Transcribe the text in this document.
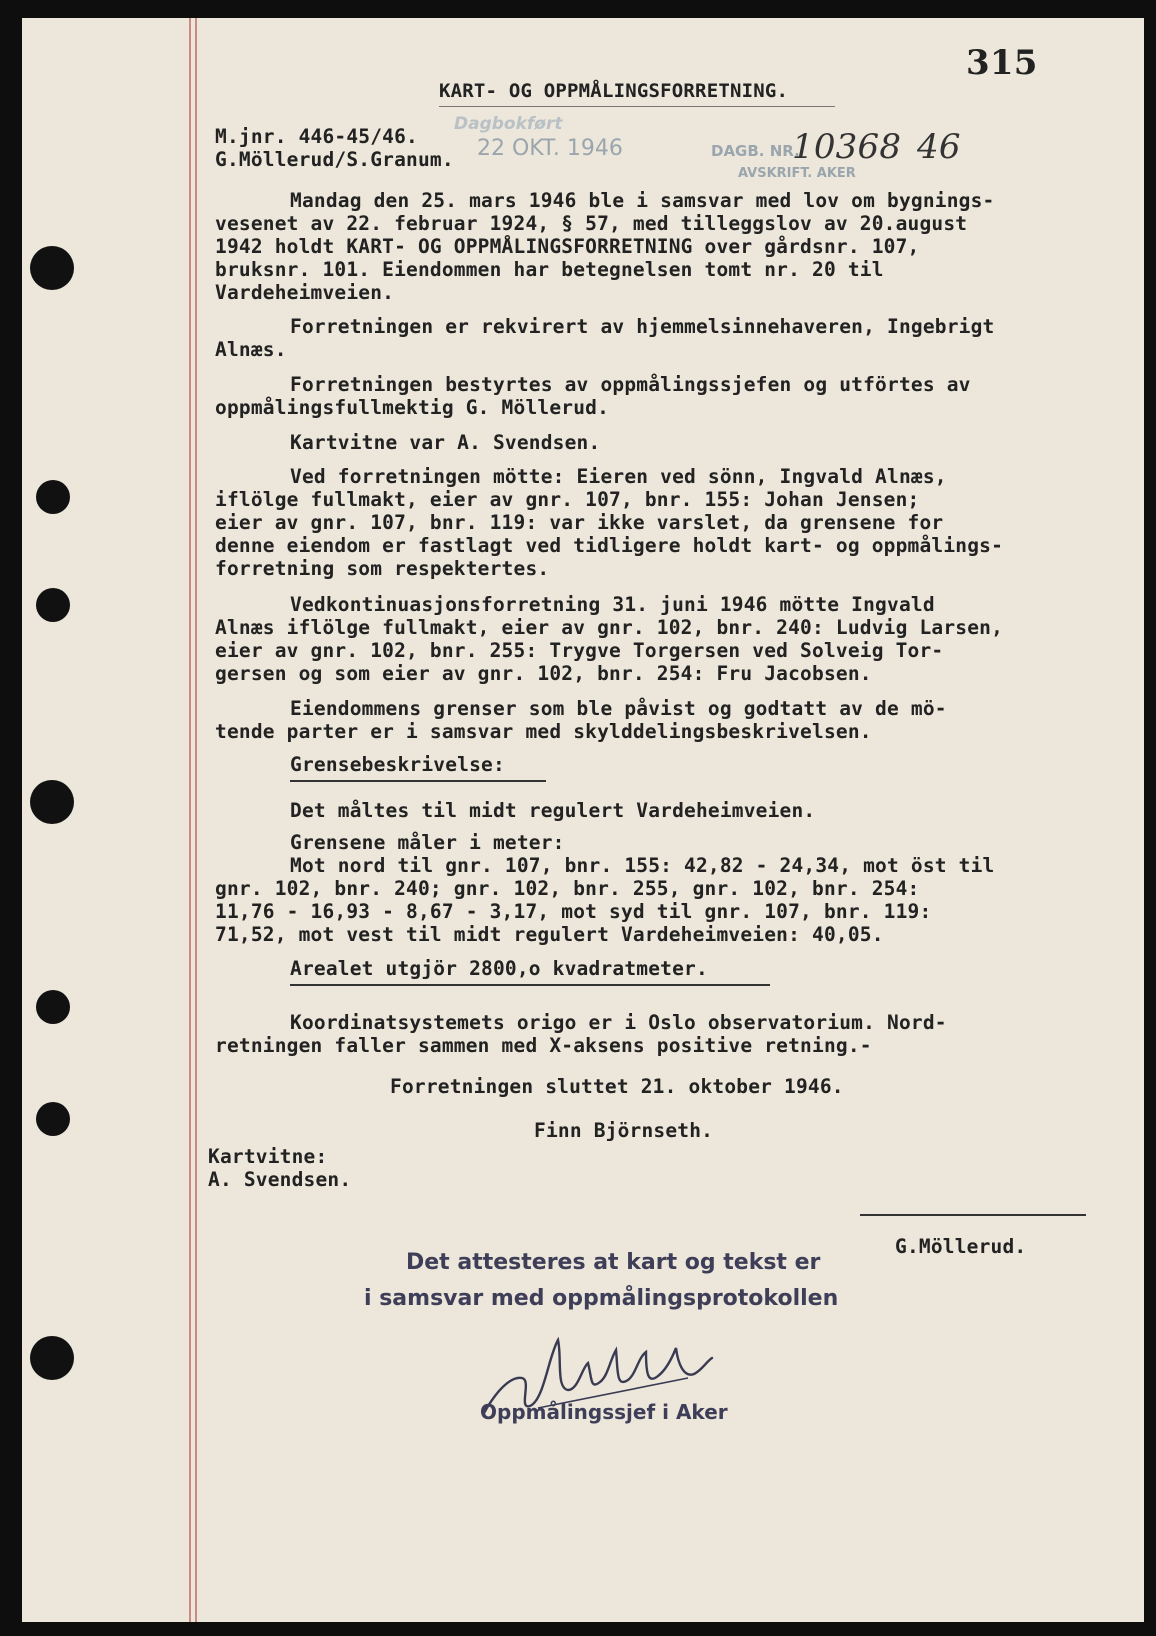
315
KART- OG OPPMÅLINGSFORRETNING.
M.jnr. 446-45/46.
G.Möllerud/S.Granum.
Dagbokført
22 OKT. 1946	DAGB. NR.
10368 46
AVSKRIFT. AKER
Mandag den 25. mars 1946 ble i samsvar med lov om bygnings-
vesenet av 22. februar 1924, § 57, med tilleggslov av 20.august
1942 holdt KART- OG OPPMÅLINGSFORRETNING over gårdsnr. 107,
bruksnr. 101. Eiendommen har betegnelsen tomt nr. 20 til
Vardeheimveien.
Forretningen er rekvirert av hjemmelsinnehaveren, Ingebrigt
Alnæs.
Forretningen bestyrtes av oppmålingssjefen og utförtes av
oppmålingsfullmektig G. Möllerud.
Kartvitne var A. Svendsen.
Ved forretningen mötte: Eieren ved sönn, Ingvald Alnæs,
iflölge fullmakt, eier av gnr. 107, bnr. 155: Johan Jensen;
eier av gnr. 107, bnr. 119: var ikke varslet, da grensene for
denne eiendom er fastlagt ved tidligere holdt kart- og oppmålings-
forretning som respektertes.
Vedkontinuasjonsforretning 31. juni 1946 mötte Ingvald
Alnæs iflölge fullmakt, eier av gnr. 102, bnr. 240: Ludvig Larsen,
eier av gnr. 102, bnr. 255: Trygve Torgersen ved Solveig Tor-
gersen og som eier av gnr. 102, bnr. 254: Fru Jacobsen.
Eiendommens grenser som ble påvist og godtatt av de mö-
tende parter er i samsvar med skylddelingsbeskrivelsen.
Grensebeskrivelse:
Det måltes til midt regulert Vardeheimveien.
Grensene måler i meter:
Mot nord til gnr. 107, bnr. 155: 42,82 - 24,34, mot öst til
gnr. 102, bnr. 240; gnr. 102, bnr. 255, gnr. 102, bnr. 254:
11,76 - 16,93 - 8,67 - 3,17, mot syd til gnr. 107, bnr. 119:
71,52, mot vest til midt regulert Vardeheimveien: 40,05.
Arealet utgjör 2800,o kvadratmeter.
Koordinatsystemets origo er i Oslo observatorium. Nord-
retningen faller sammen med X-aksens positive retning.-
Forretningen sluttet 21. oktober 1946.
Finn Björnseth.
Kartvitne:
A. Svendsen.
G.Möllerud.
Det attesteres at kart og tekst er
i samsvar med oppmålingsprotokollen
Oppmålingssjef i Aker
